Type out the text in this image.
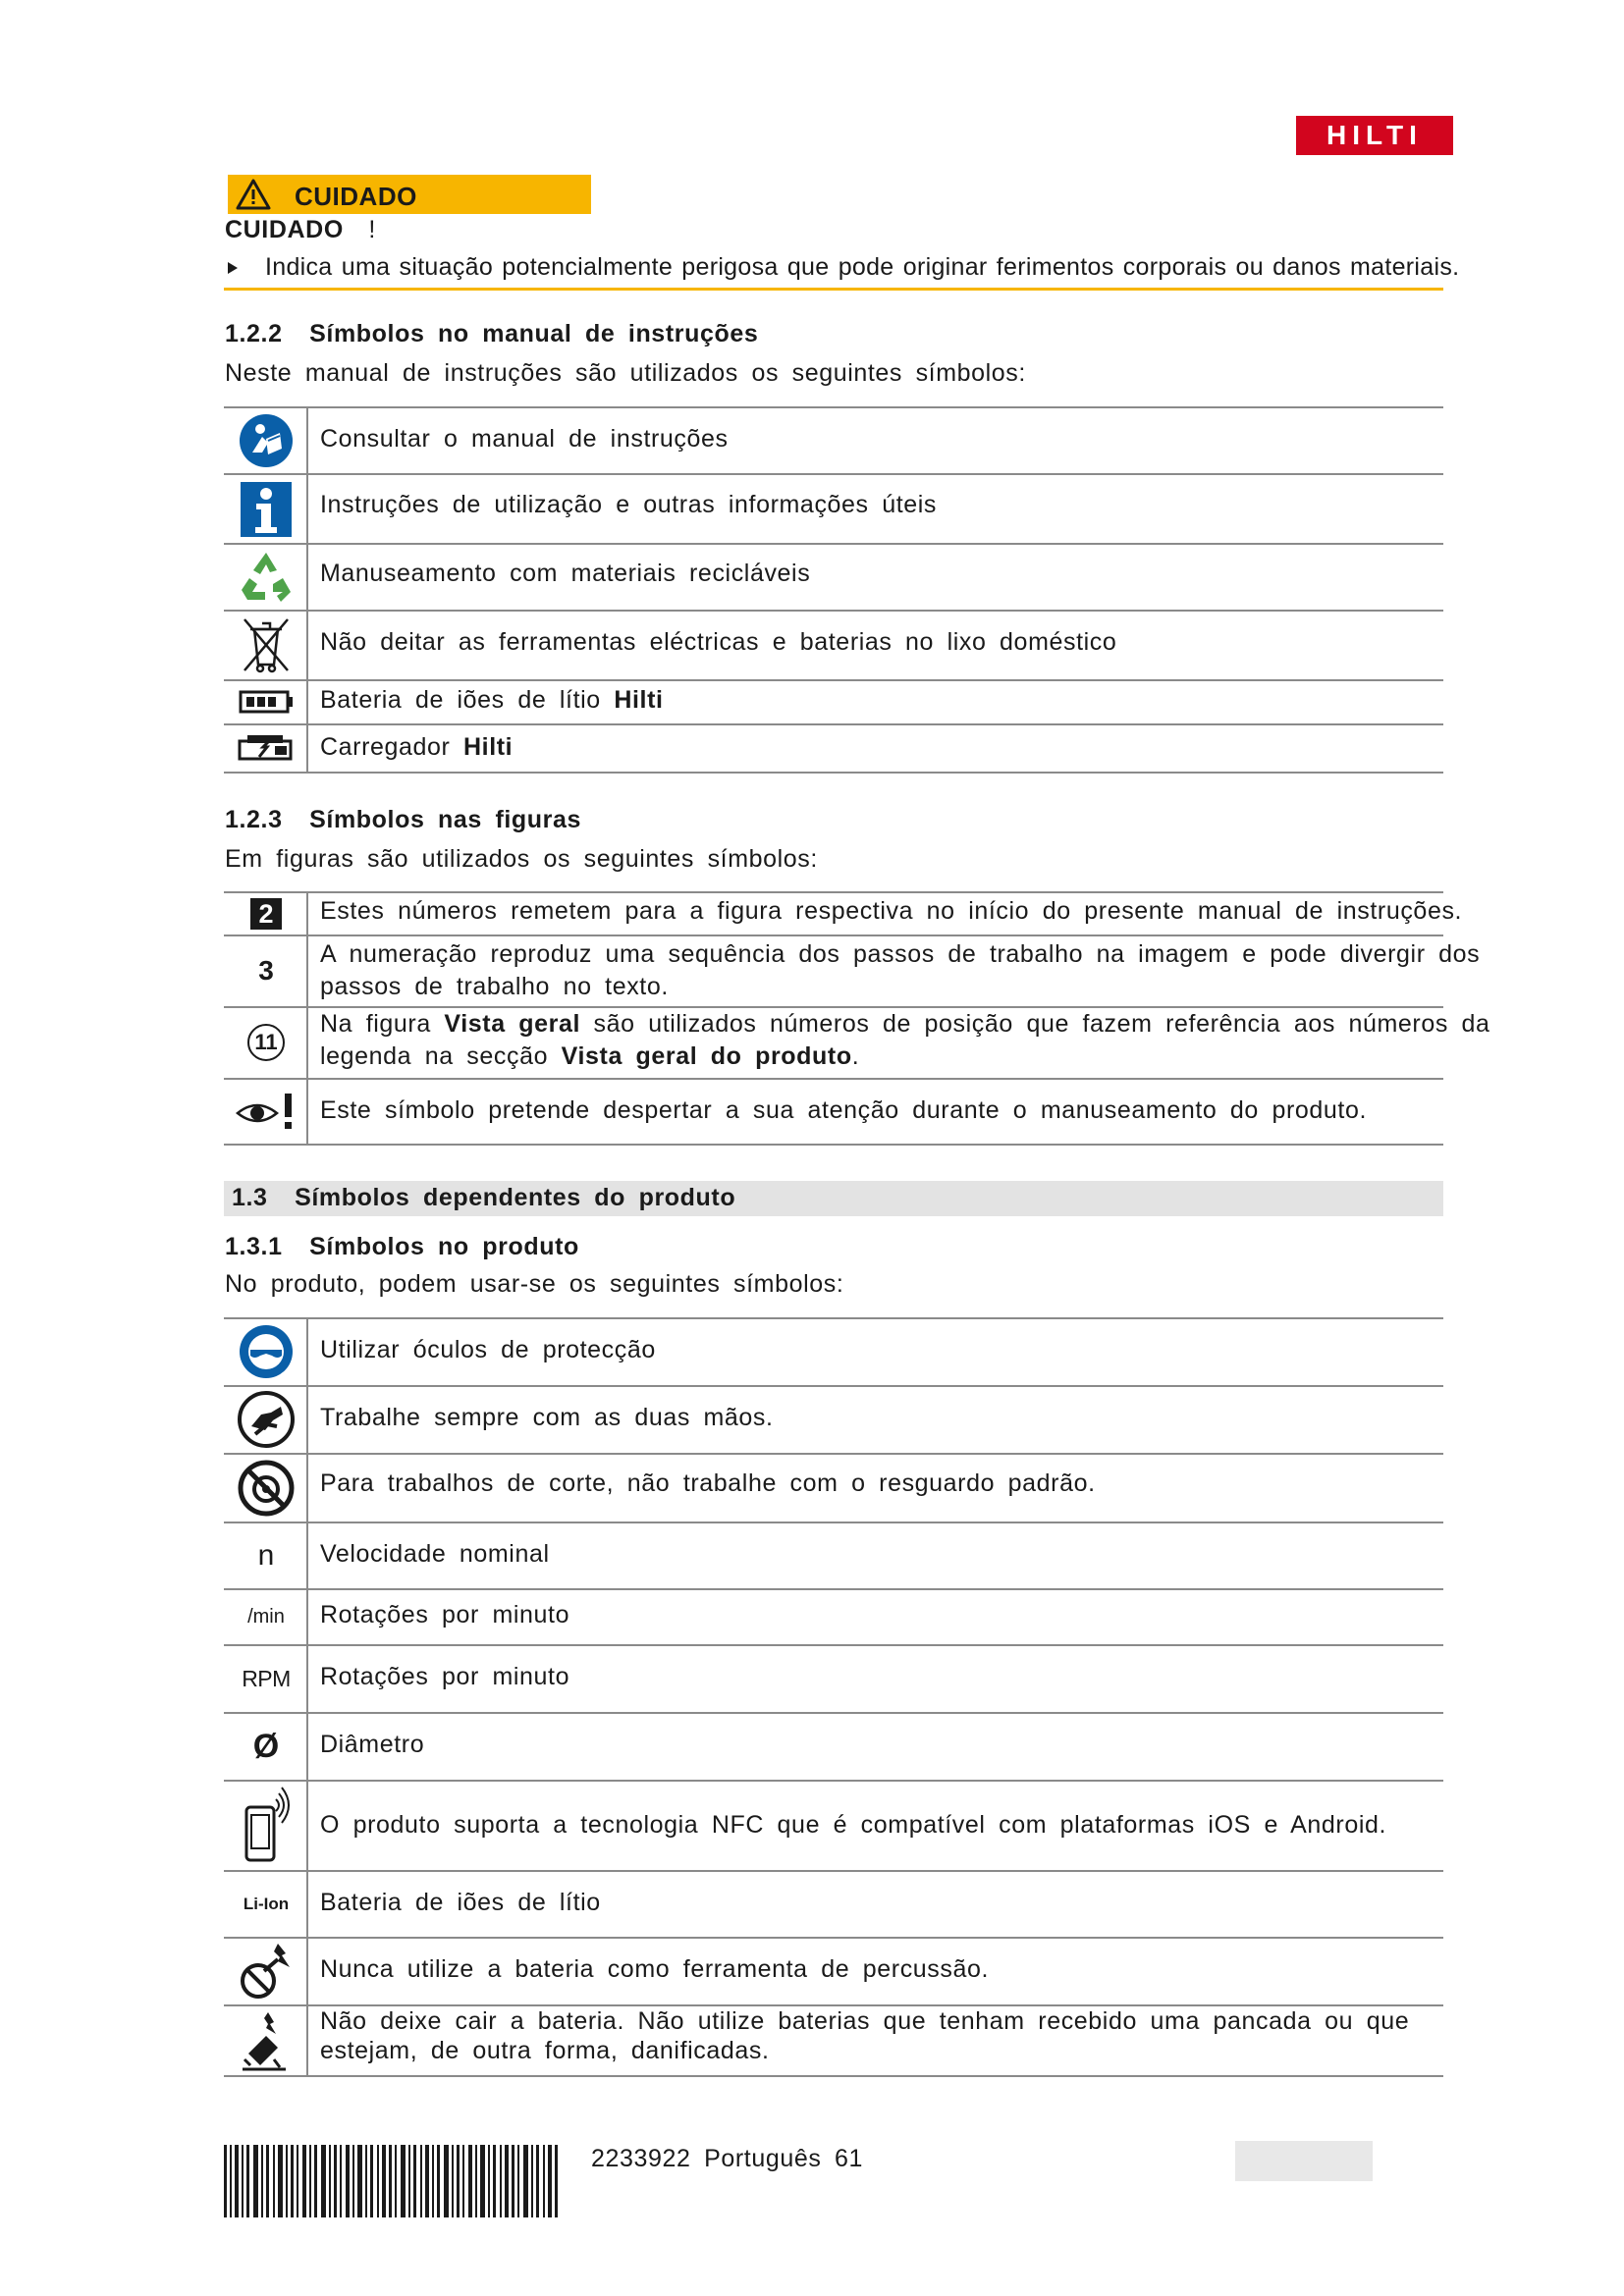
HILTI
CUIDADO
CUIDADO !
Indica uma situação potencialmente perigosa que pode originar ferimentos corporais ou danos materiais.
1.2.2 Símbolos no manual de instruções
Neste manual de instruções são utilizados os seguintes símbolos:
Consultar o manual de instruções
Instruções de utilização e outras informações úteis
Manuseamento com materiais recicláveis
Não deitar as ferramentas eléctricas e baterias no lixo doméstico
Bateria de iões de lítio Hilti
Carregador Hilti
1.2.3 Símbolos nas figuras
Em figuras são utilizados os seguintes símbolos:
2	Estes números remetem para a figura respectiva no início do presente manual de instruções.
3
A numeração reproduz uma sequência dos passos de trabalho na imagem e pode divergir dos passos de trabalho no texto.
11
Na figura Vista geral são utilizados números de posição que fazem referência aos números da legenda na secção Vista geral do produto.
Este símbolo pretende despertar a sua atenção durante o manuseamento do produto.
1.3 Símbolos dependentes do produto
1.3.1 Símbolos no produto
No produto, podem usar-se os seguintes símbolos:
Utilizar óculos de protecção
Trabalhe sempre com as duas mãos.
Para trabalhos de corte, não trabalhe com o resguardo padrão.
n Velocidade nominal
/min Rotações por minuto
RPM Rotações por minuto
Ø Diâmetro
O produto suporta a tecnologia NFC que é compatível com plataformas iOS e Android.
Li-Ion Bateria de iões de lítio
Nunca utilize a bateria como ferramenta de percussão.
Não deixe cair a bateria. Não utilize baterias que tenham recebido uma pancada ou que estejam, de outra forma, danificadas.
2233922 Português 61
